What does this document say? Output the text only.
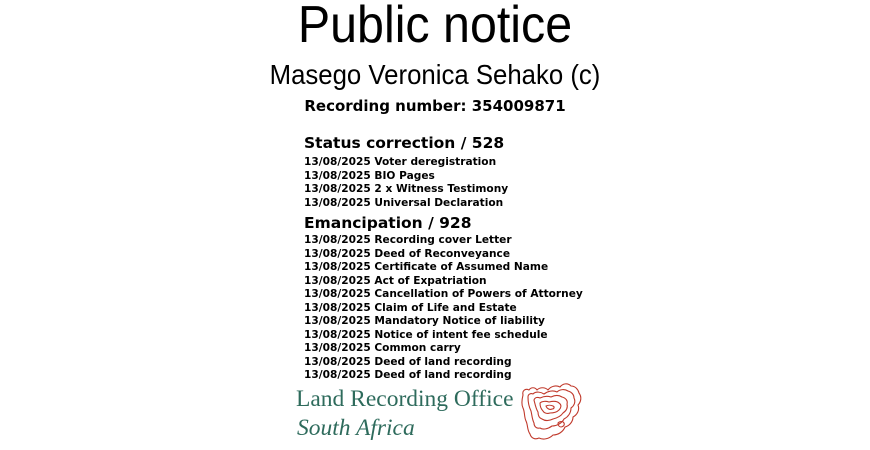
Public notice
Masego Veronica Sehako (c)
Recording number: 354009871
Status correction / 528
13/08/2025 Voter deregistration
13/08/2025 BIO Pages
13/08/2025 2 x Witness Testimony
13/08/2025 Universal Declaration
Emancipation / 928
13/08/2025 Recording cover Letter
13/08/2025 Deed of Reconveyance
13/08/2025 Certificate of Assumed Name
13/08/2025 Act of Expatriation
13/08/2025 Cancellation of Powers of Attorney
13/08/2025 Claim of Life and Estate
13/08/2025 Mandatory Notice of liability
13/08/2025 Notice of intent fee schedule
13/08/2025 Common carry
13/08/2025 Deed of land recording
13/08/2025 Deed of land recording
Land Recording Office
South Africa
